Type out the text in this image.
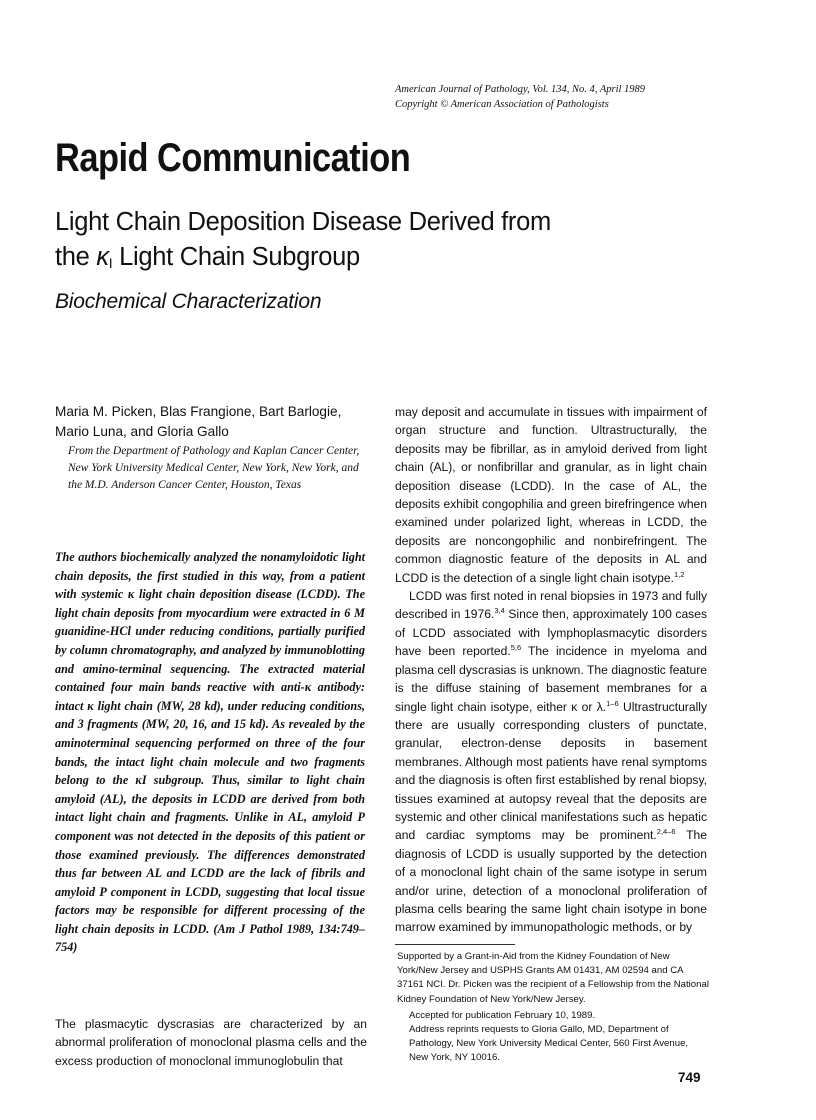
American Journal of Pathology, Vol. 134, No. 4, April 1989
Copyright © American Association of Pathologists
Rapid Communication
Light Chain Deposition Disease Derived from
the $\kappa_I$ Light Chain Subgroup
Biochemical Characterization
Maria M. Picken, Blas Frangione, Bart Barlogie, Mario Luna, and Gloria Gallo
From the Department of Pathology and Kaplan Cancer Center, New York University Medical Center, New York, New York, and the M.D. Anderson Cancer Center, Houston, Texas
The authors biochemically analyzed the nonamyloidotic light chain deposits, the first studied in this way, from a patient with systemic κ light chain deposition disease (LCDD). The light chain deposits from myocardium were extracted in 6 M guanidine-HCl under reducing conditions, partially purified by column chromatography, and analyzed by immunoblotting and amino-terminal sequencing. The extracted material contained four main bands reactive with anti-κ antibody: intact κ light chain (MW, 28 kd), under reducing conditions, and 3 fragments (MW, 20, 16, and 15 kd). As revealed by the aminoterminal sequencing performed on three of the four bands, the intact light chain molecule and two fragments belong to the κI subgroup. Thus, similar to light chain amyloid (AL), the deposits in LCDD are derived from both intact light chain and fragments. Unlike in AL, amyloid P component was not detected in the deposits of this patient or those examined previously. The differences demonstrated thus far between AL and LCDD are the lack of fibrils and amyloid P component in LCDD, suggesting that local tissue factors may be responsible for different processing of the light chain deposits in LCDD. (Am J Pathol 1989, 134:749–754)
The plasmacytic dyscrasias are characterized by an abnormal proliferation of monoclonal plasma cells and the excess production of monoclonal immunoglobulin that

may deposit and accumulate in tissues with impairment of organ structure and function. Ultrastructurally, the deposits may be fibrillar, as in amyloid derived from light chain (AL), or nonfibrillar and granular, as in light chain deposition disease (LCDD). In the case of AL, the deposits exhibit congophilia and green birefringence when examined under polarized light, whereas in LCDD, the deposits are noncongophilic and nonbirefringent. The common diagnostic feature of the deposits in AL and LCDD is the detection of a single light chain isotype.$^{1,2}$

LCDD was first noted in renal biopsies in 1973 and fully described in 1976.$^{3,4}$ Since then, approximately 100 cases of LCDD associated with lymphoplasmacytic disorders have been reported.$^{5,6}$ The incidence in myeloma and plasma cell dyscrasias is unknown. The diagnostic feature is the diffuse staining of basement membranes for a single light chain isotype, either κ or λ.$^{1-6}$ Ultrastructurally there are usually corresponding clusters of punctate, granular, electron-dense deposits in basement membranes. Although most patients have renal symptoms and the diagnosis is often first established by renal biopsy, tissues examined at autopsy reveal that the deposits are systemic and other clinical manifestations such as hepatic and cardiac symptoms may be prominent.$^{2,4-6}$ The diagnosis of LCDD is usually supported by the detection of a monoclonal light chain of the same isotype in serum and/or urine, detection of a monoclonal proliferation of plasma cells bearing the same light chain isotype in bone marrow examined by immunopathologic methods, or by

Supported by a Grant-in-Aid from the Kidney Foundation of New York/New Jersey and USPHS Grants AM 01431, AM 02594 and CA 37161 NCI. Dr. Picken was the recipient of a Fellowship from the National Kidney Foundation of New York/New Jersey.

Accepted for publication February 10, 1989.

Address reprints requests to Gloria Gallo, MD, Department of Pathology, New York University Medical Center, 560 First Avenue, New York, NY 10016.

749
